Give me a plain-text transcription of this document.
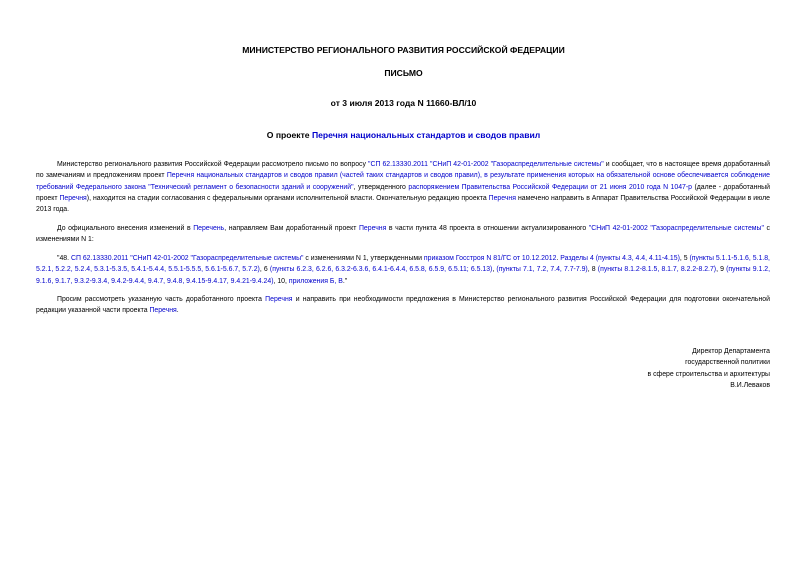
МИНИСТЕРСТВО РЕГИОНАЛЬНОГО РАЗВИТИЯ РОССИЙСКОЙ ФЕДЕРАЦИИ
ПИСЬМО
от 3 июля 2013 года N 11660-ВЛ/10
О проекте Перечня национальных стандартов и сводов правил
Министерство регионального развития Российской Федерации рассмотрело письмо по вопросу "СП 62.13330.2011 "СНиП 42-01-2002 "Газораспределительные системы" и сообщает, что в настоящее время доработанный по замечаниям и предложениям проект Перечня национальных стандартов и сводов правил (частей таких стандартов и сводов правил), в результате применения которых на обязательной основе обеспечивается соблюдение требований Федерального закона "Технический регламент о безопасности зданий и сооружений", утвержденного распоряжением Правительства Российской Федерации от 21 июня 2010 года N 1047-р (далее - доработанный проект Перечня), находится на стадии согласования с федеральными органами исполнительной власти. Окончательную редакцию проекта Перечня намечено направить в Аппарат Правительства Российской Федерации в июле 2013 года.
До официального внесения изменений в Перечень, направляем Вам доработанный проект Перечня в части пункта 48 проекта в отношении актуализированного "СНиП 42-01-2002 "Газораспределительные системы" с изменениями N 1:
"48. СП 62.13330.2011 "СНиП 42-01-2002 "Газораспределительные системы" с изменениями N 1, утвержденными приказом Госстроя N 81/ГС от 10.12.2012. Разделы 4 (пункты 4.3, 4.4, 4.11-4.15), 5 (пункты 5.1.1-5.1.6, 5.1.8, 5.2.1, 5.2.2, 5.2.4, 5.3.1-5.3.5, 5.4.1-5.4.4, 5.5.1-5.5.5, 5.6.1-5.6.7, 5.7.2), 6 (пункты 6.2.3, 6.2.6, 6.3.2-6.3.6, 6.4.1-6.4.4, 6.5.8, 6.5.9, 6.5.11; 6.5.13), (пункты 7.1, 7.2, 7.4, 7.7-7.9), 8 (пункты 8.1.2-8.1.5, 8.1.7, 8.2.2-8.2.7), 9 (пункты 9.1.2, 9.1.6, 9.1.7, 9.3.2-9.3.4, 9.4.2-9.4.4, 9.4.7, 9.4.8, 9.4.15-9.4.17, 9.4.21-9.4.24), 10, приложения Б, В."
Просим рассмотреть указанную часть доработанного проекта Перечня и направить при необходимости предложения в Министерство регионального развития Российской Федерации для подготовки окончательной редакции указанной части проекта Перечня.
Директор Департамента
государственной политики
в сфере строительства и архитектуры
В.И.Леваков
